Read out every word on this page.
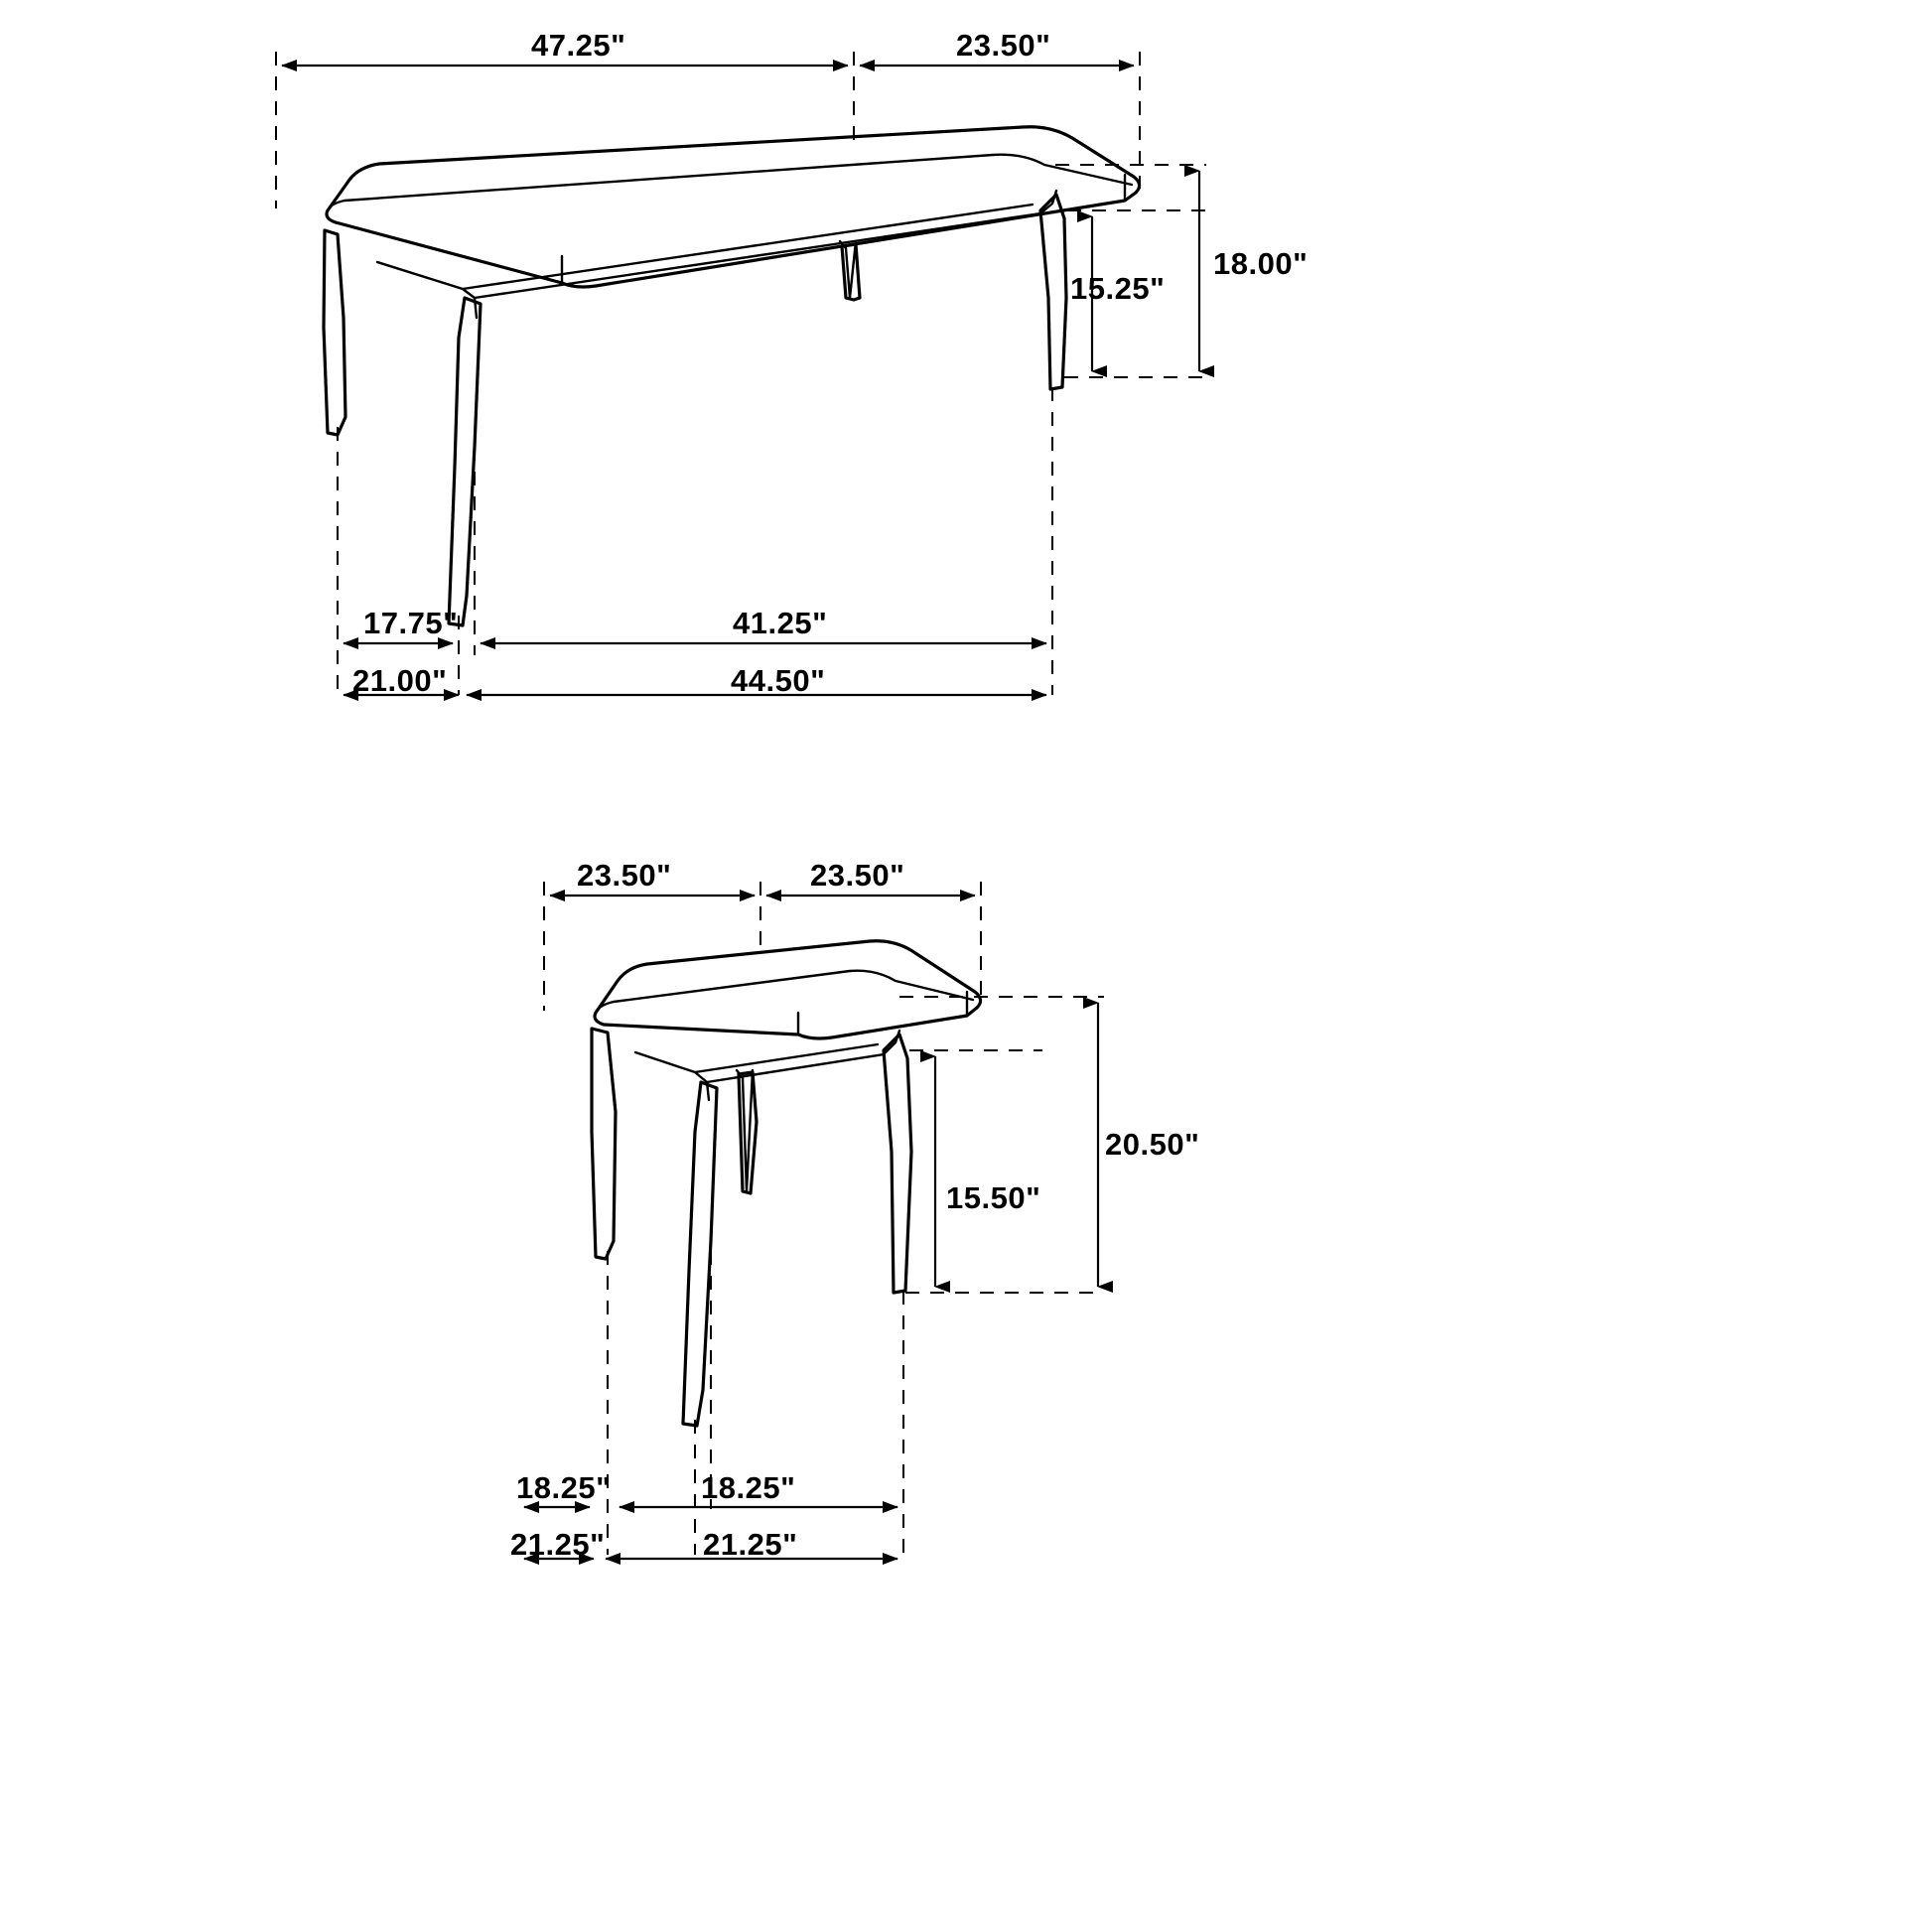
47.25"	23.50"
15.25"
18.00"
17.75"	41.25"
21.00"	44.50"
23.50"	23.50"
15.50"
20.50"
18.25"	18.25"
21.25"	21.25"
